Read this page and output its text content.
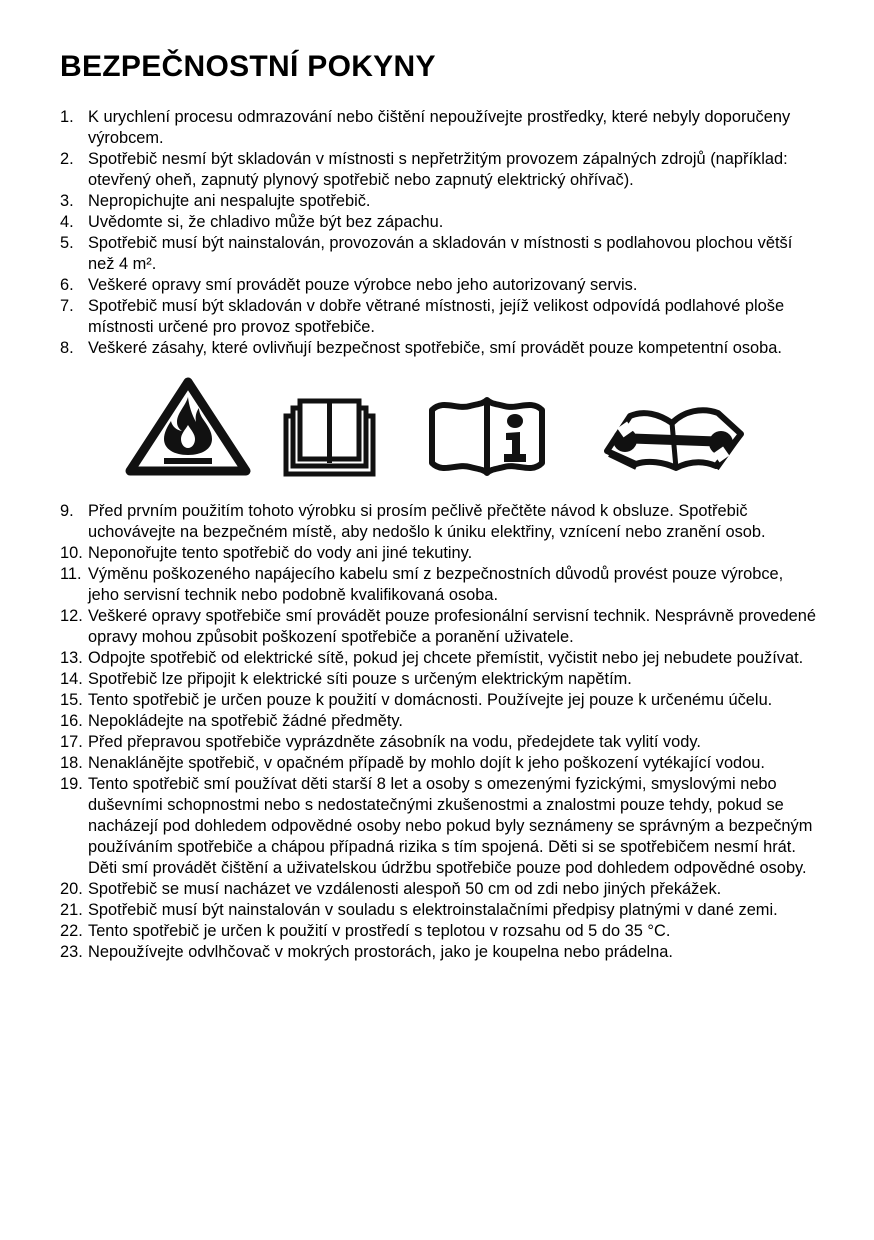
BEZPEČNOSTNÍ POKYNY
1. K urychlení procesu odmrazování nebo čištění nepoužívejte prostředky, které nebyly doporučeny výrobcem.
2. Spotřebič nesmí být skladován v místnosti s nepřetržitým provozem zápalných zdrojů (například: otevřený oheň, zapnutý plynový spotřebič nebo zapnutý elektrický ohřívač).
3. Nepropichujte ani nespalujte spotřebič.
4. Uvědomte si, že chladivo může být bez zápachu.
5. Spotřebič musí být nainstalován, provozován a skladován v místnosti s podlahovou plochou větší než 4 m².
6. Veškeré opravy smí provádět pouze výrobce nebo jeho autorizovaný servis.
7. Spotřebič musí být skladován v dobře větrané místnosti, jejíž velikost odpovídá podlahové ploše místnosti určené pro provoz spotřebiče.
8. Veškeré zásahy, které ovlivňují bezpečnost spotřebiče, smí provádět pouze kompetentní osoba.
9. Před prvním použitím tohoto výrobku si prosím pečlivě přečtěte návod k obsluze. Spotřebič uchovávejte na bezpečném místě, aby nedošlo k úniku elektřiny, vznícení nebo zranění osob.
10. Neponořujte tento spotřebič do vody ani jiné tekutiny.
11. Výměnu poškozeného napájecího kabelu smí z bezpečnostních důvodů provést pouze výrobce, jeho servisní technik nebo podobně kvalifikovaná osoba.
12. Veškeré opravy spotřebiče smí provádět pouze profesionální servisní technik. Nesprávně provedené opravy mohou způsobit poškození spotřebiče a poranění uživatele.
13. Odpojte spotřebič od elektrické sítě, pokud jej chcete přemístit, vyčistit nebo jej nebudete používat.
14. Spotřebič lze připojit k elektrické síti pouze s určeným elektrickým napětím.
15. Tento spotřebič je určen pouze k použití v domácnosti. Používejte jej pouze k určenému účelu.
16. Nepokládejte na spotřebič žádné předměty.
17. Před přepravou spotřebiče vyprázdněte zásobník na vodu, předejdete tak vylití vody.
18. Nenaklánějte spotřebič, v opačném případě by mohlo dojít k jeho poškození vytékající vodou.
19. Tento spotřebič smí používat děti starší 8 let a osoby s omezenými fyzickými, smyslovými nebo duševními schopnostmi nebo s nedostatečnými zkušenostmi a znalostmi pouze tehdy, pokud se nacházejí pod dohledem odpovědné osoby nebo pokud byly seznámeny se správným a bezpečným používáním spotřebiče a chápou případná rizika s tím spojená. Děti si se spotřebičem nesmí hrát. Děti smí provádět čištění a uživatelskou údržbu spotřebiče pouze pod dohledem odpovědné osoby.
20. Spotřebič se musí nacházet ve vzdálenosti alespoň 50 cm od zdi nebo jiných překážek.
21. Spotřebič musí být nainstalován v souladu s elektroinstalačními předpisy platnými v dané zemi.
22. Tento spotřebič je určen k použití v prostředí s teplotou v rozsahu od 5 do 35 °C.
23. Nepoužívejte odvlhčovač v mokrých prostorách, jako je koupelna nebo prádelna.
